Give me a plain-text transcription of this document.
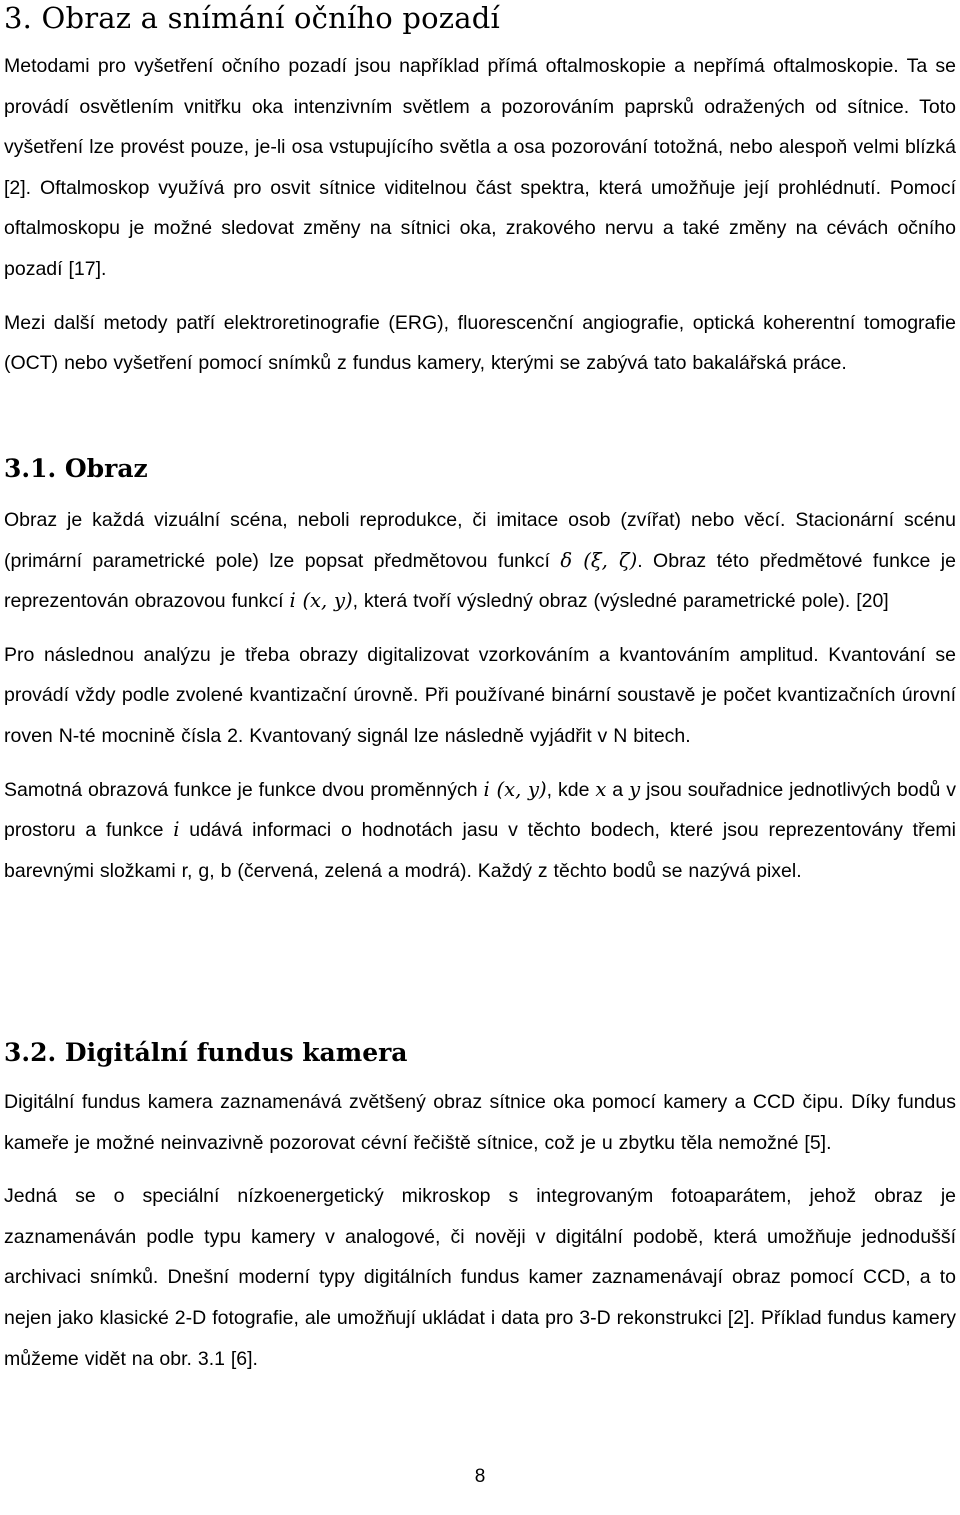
3. Obraz a snímání očního pozadí

Metodami pro vyšetření očního pozadí jsou například přímá oftalmoskopie a nepřímá oftalmoskopie. Ta se provádí osvětlením vnitřku oka intenzivním světlem a pozorováním paprsků odražených od sítnice. Toto vyšetření lze provést pouze, je-li osa vstupujícího světla a osa pozorování totožná, nebo alespoň velmi blízká [2]. Oftalmoskop využívá pro osvit sítnice viditelnou část spektra, která umožňuje její prohlédnutí. Pomocí oftalmoskopu je možné sledovat změny na sítnici oka, zrakového nervu a také změny na cévách očního pozadí [17].

Mezi další metody patří elektroretinografie (ERG), fluorescenční angiografie, optická koherentní tomografie (OCT) nebo vyšetření pomocí snímků z fundus kamery, kterými se zabývá tato bakalářská práce.

3.1. Obraz

Obraz je každá vizuální scéna, neboli reprodukce, či imitace osob (zvířat) nebo věcí. Stacionární scénu (primární parametrické pole) lze popsat předmětovou funkcí δ (ξ, ζ). Obraz této předmětové funkce je reprezentován obrazovou funkcí i (x, y), která tvoří výsledný obraz (výsledné parametrické pole). [20]

Pro následnou analýzu je třeba obrazy digitalizovat vzorkováním a kvantováním amplitud. Kvantování se provádí vždy podle zvolené kvantizační úrovně. Při používané binární soustavě je počet kvantizačních úrovní roven N-té mocnině čísla 2. Kvantovaný signál lze následně vyjádřit v N bitech.

Samotná obrazová funkce je funkce dvou proměnných i (x, y), kde x a y jsou souřadnice jednotlivých bodů v prostoru a funkce i udává informaci o hodnotách jasu v těchto bodech, které jsou reprezentovány třemi barevnými složkami r, g, b (červená, zelená a modrá). Každý z těchto bodů se nazývá pixel.

3.2. Digitální fundus kamera

Digitální fundus kamera zaznamenává zvětšený obraz sítnice oka pomocí kamery a CCD čipu. Díky fundus kameře je možné neinvazivně pozorovat cévní řečiště sítnice, což je u zbytku těla nemožné [5].

Jedná se o speciální nízkoenergetický mikroskop s integrovaným fotoaparátem, jehož obraz je zaznamenáván podle typu kamery v analogové, či nověji v digitální podobě, která umožňuje jednodušší archivaci snímků. Dnešní moderní typy digitálních fundus kamer zaznamenávají obraz pomocí CCD, a to nejen jako klasické 2-D fotografie, ale umožňují ukládat i data pro 3-D rekonstrukci [2]. Příklad fundus kamery můžeme vidět na obr. 3.1 [6].

8
